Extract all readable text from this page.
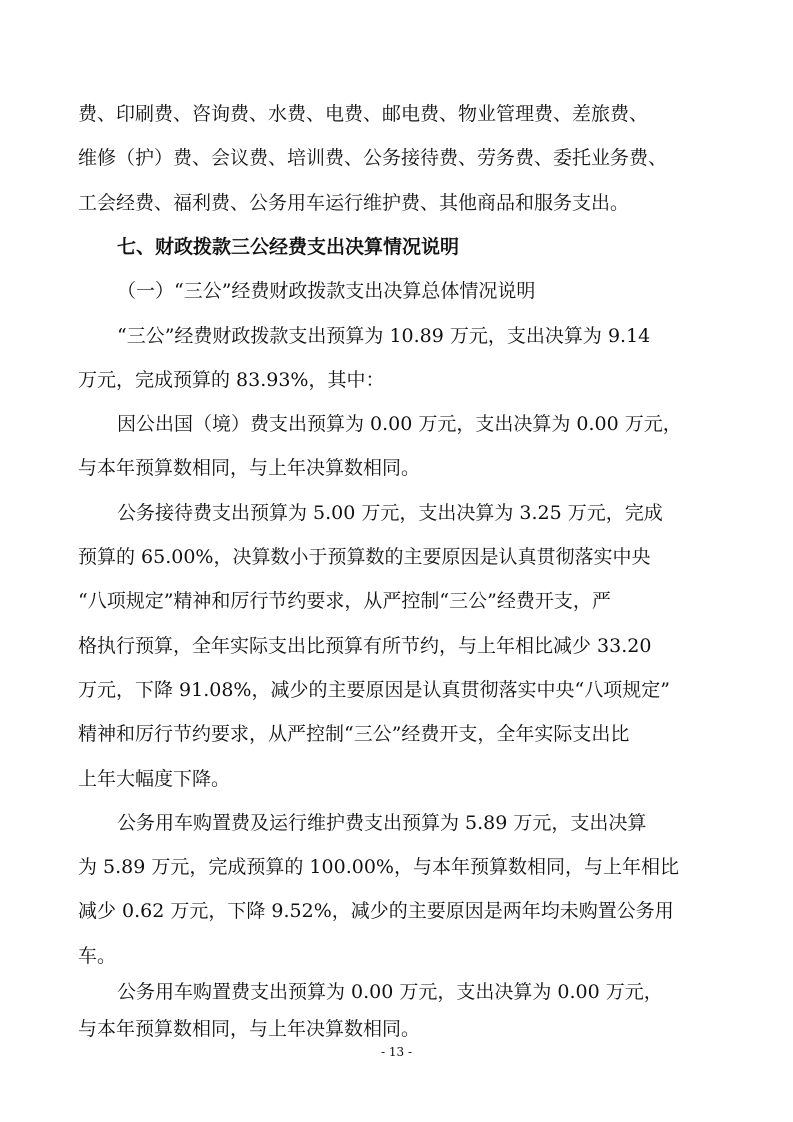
费、印刷费、咨询费、水费、电费、邮电费、物业管理费、差旅费、
维修（护）费、会议费、培训费、公务接待费、劳务费、委托业务费、
工会经费、福利费、公务用车运行维护费、其他商品和服务支出。
七、财政拨款三公经费支出决算情况说明
（一）“三公”经费财政拨款支出决算总体情况说明
“三公”经费财政拨款支出预算为 10.89 万元，支出决算为 9.14
万元，完成预算的 83.93%，其中：
因公出国（境）费支出预算为 0.00 万元，支出决算为 0.00 万元，
与本年预算数相同，与上年决算数相同。
公务接待费支出预算为 5.00 万元，支出决算为 3.25 万元，完成
预算的 65.00%，决算数小于预算数的主要原因是认真贯彻落实中央
“八项规定”精神和厉行节约要求，从严控制“三公”经费开支，严
格执行预算，全年实际支出比预算有所节约，与上年相比减少 33.20
万元，下降 91.08%，减少的主要原因是认真贯彻落实中央“八项规定”
精神和厉行节约要求，从严控制“三公”经费开支，全年实际支出比
上年大幅度下降。
公务用车购置费及运行维护费支出预算为 5.89 万元，支出决算
为 5.89 万元，完成预算的 100.00%，与本年预算数相同，与上年相比
减少 0.62 万元，下降 9.52%，减少的主要原因是两年均未购置公务用
车。
公务用车购置费支出预算为 0.00 万元，支出决算为 0.00 万元，
与本年预算数相同，与上年决算数相同。
- 13 -
